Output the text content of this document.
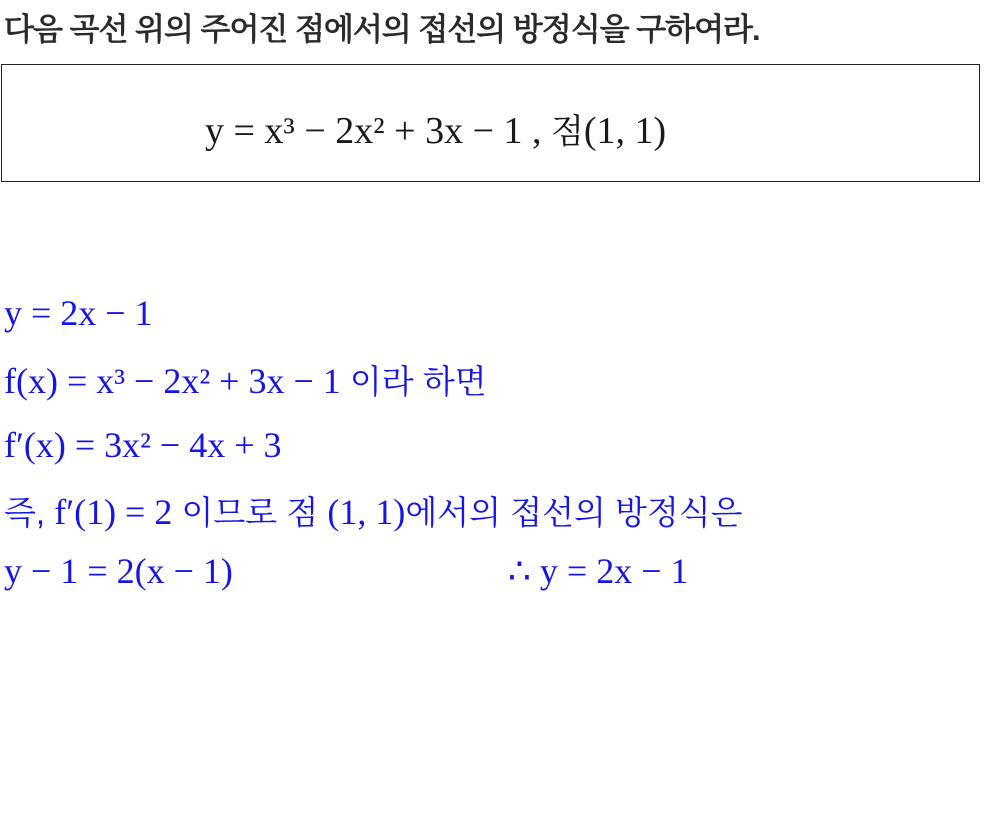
다음 곡선 위의 주어진 점에서의 접선의 방정식을 구하여라.
y = x³ − 2x² + 3x − 1 , 점(1, 1)
y = 2x − 1
f(x) = x³ − 2x² + 3x − 1 이라 하면
f′(x) = 3x² − 4x + 3
즉, f′(1) = 2 이므로 점 (1, 1)에서의 접선의 방정식은
y − 1 = 2(x − 1)	∴ y = 2x − 1
